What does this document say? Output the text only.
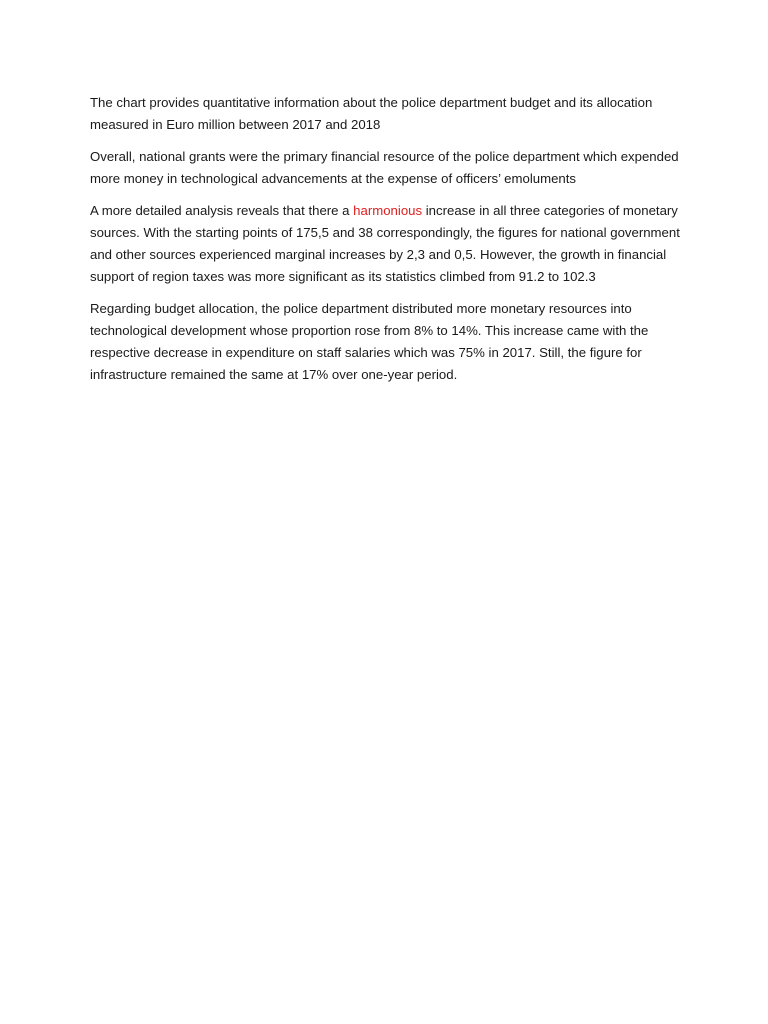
The chart provides quantitative information about the police department budget and its allocation measured in Euro million between 2017 and 2018

Overall, national grants were the primary financial resource of the police department which expended more money in technological advancements at the expense of officers’ emoluments

A more detailed analysis reveals that there a harmonious increase in all three categories of monetary sources. With the starting points of 175,5 and 38 correspondingly, the figures for national government and other sources experienced marginal increases by 2,3 and 0,5. However, the growth in financial support of region taxes was more significant as its statistics climbed from 91.2 to 102.3

Regarding budget allocation, the police department distributed more monetary resources into technological development whose proportion rose from 8% to 14%. This increase came with the respective decrease in expenditure on staff salaries which was 75% in 2017. Still, the figure for infrastructure remained the same at 17% over one-year period.
